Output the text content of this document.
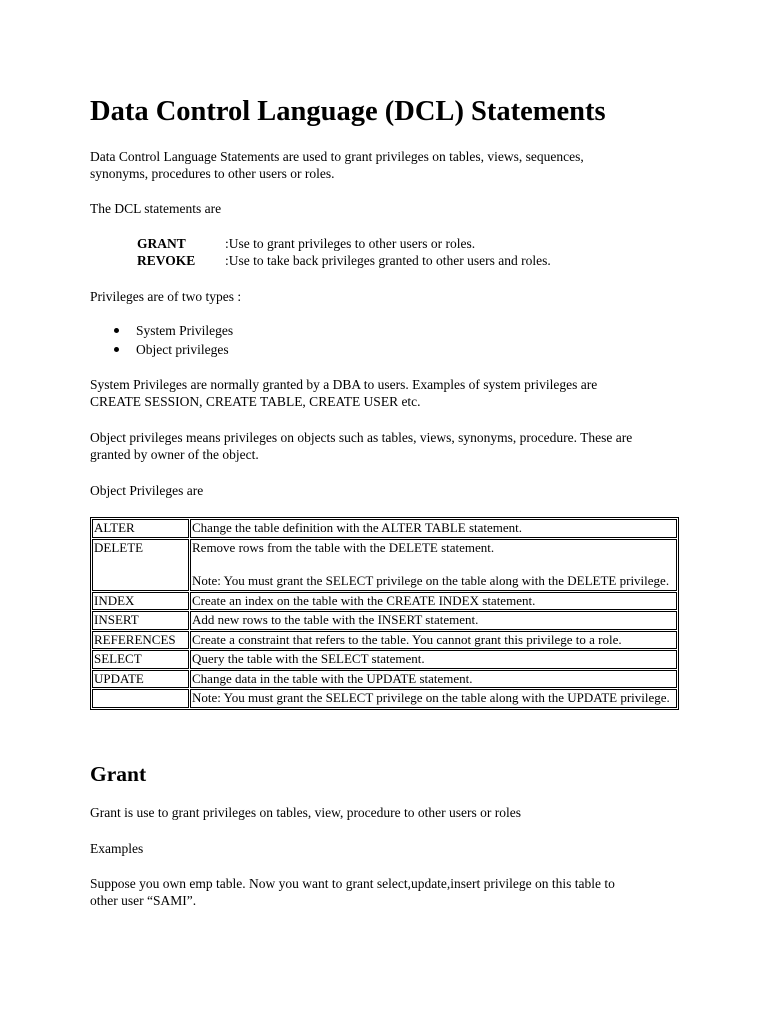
Data Control Language (DCL) Statements
Data Control Language Statements are used to grant privileges on tables, views, sequences,
synonyms, procedures to other users or roles.
The DCL statements are
GRANT	:Use to grant privileges to other users or roles.
REVOKE :Use to take back privileges granted to other users and roles.
Privileges are of two types :
System Privileges
Object privileges
System Privileges are normally granted by a DBA to users. Examples of system privileges are
CREATE SESSION, CREATE TABLE, CREATE USER etc.
Object privileges means privileges on objects such as tables, views, synonyms, procedure. These are
granted by owner of the object.
Object Privileges are
ALTER	Change the table definition with the ALTER TABLE statement.
DELETE	Remove rows from the table with the DELETE statement.
Note: You must grant the SELECT privilege on the table along with the DELETE privilege.

INDEX	Create an index on the table with the CREATE INDEX statement.
INSERT	Add new rows to the table with the INSERT statement.
REFERENCES	Create a constraint that refers to the table. You cannot grant this privilege to a role.
SELECT	Query the table with the SELECT statement.
UPDATE	Change data in the table with the UPDATE statement.
	Note: You must grant the SELECT privilege on the table along with the UPDATE privilege.
Grant
Grant is use to grant privileges on tables, view, procedure to other users or roles
Examples
Suppose you own emp table. Now you want to grant select,update,insert privilege on this table to
other user “SAMI”.
